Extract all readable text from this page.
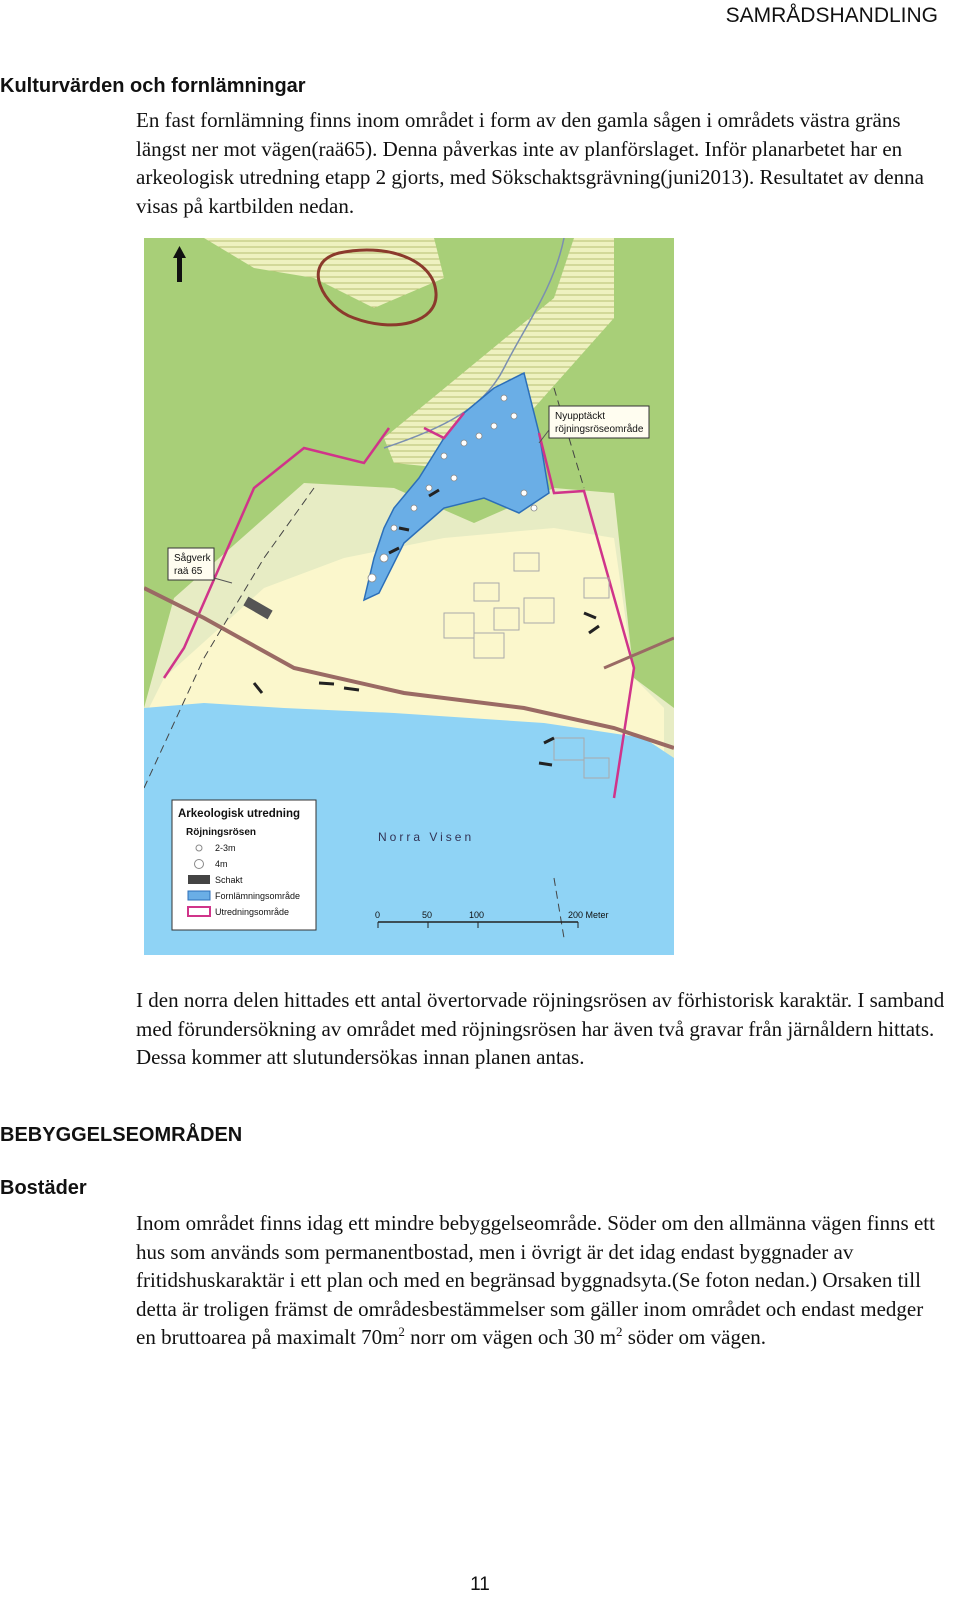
SAMRÅDSHANDLING
Kulturvärden och fornlämningar
En fast fornlämning finns inom området i form av den gamla sågen i områdets västra gräns längst ner mot vägen(raä65). Denna påverkas inte av planförslaget. Inför planarbetet har en arkeologisk utredning etapp 2 gjorts, med Sökschaktsgrävning(juni2013). Resultatet av denna visas på kartbilden nedan.
Nyupptäckt
röjningsröseområde
Sågverk
raä 65
Norra Visen
Arkeologisk utredning
Röjningsrösen
2-3m
4m
Schakt
Fornlämningsområde
Utredningsområde	0	50	100	200 Meter
I den norra delen hittades ett antal övertorvade röjningsrösen av förhistorisk karaktär. I samband med förundersökning av området med röjningsrösen har även två gravar från järnåldern hittats. Dessa kommer att slutundersökas innan planen antas.
BEBYGGELSEOMRÅDEN
Bostäder
Inom området finns idag ett mindre bebyggelseområde. Söder om den allmänna vägen finns ett hus som används som permanentbostad, men i övrigt är det idag endast byggnader av fritidshuskaraktär i ett plan och med en begränsad byggnadsyta.(Se foton nedan.) Orsaken till detta är troligen främst de områdesbestämmelser som gäller inom området och endast medger en bruttoarea på maximalt $70m^2$ norr om vägen och 30 $m^2$ söder om vägen.
11
